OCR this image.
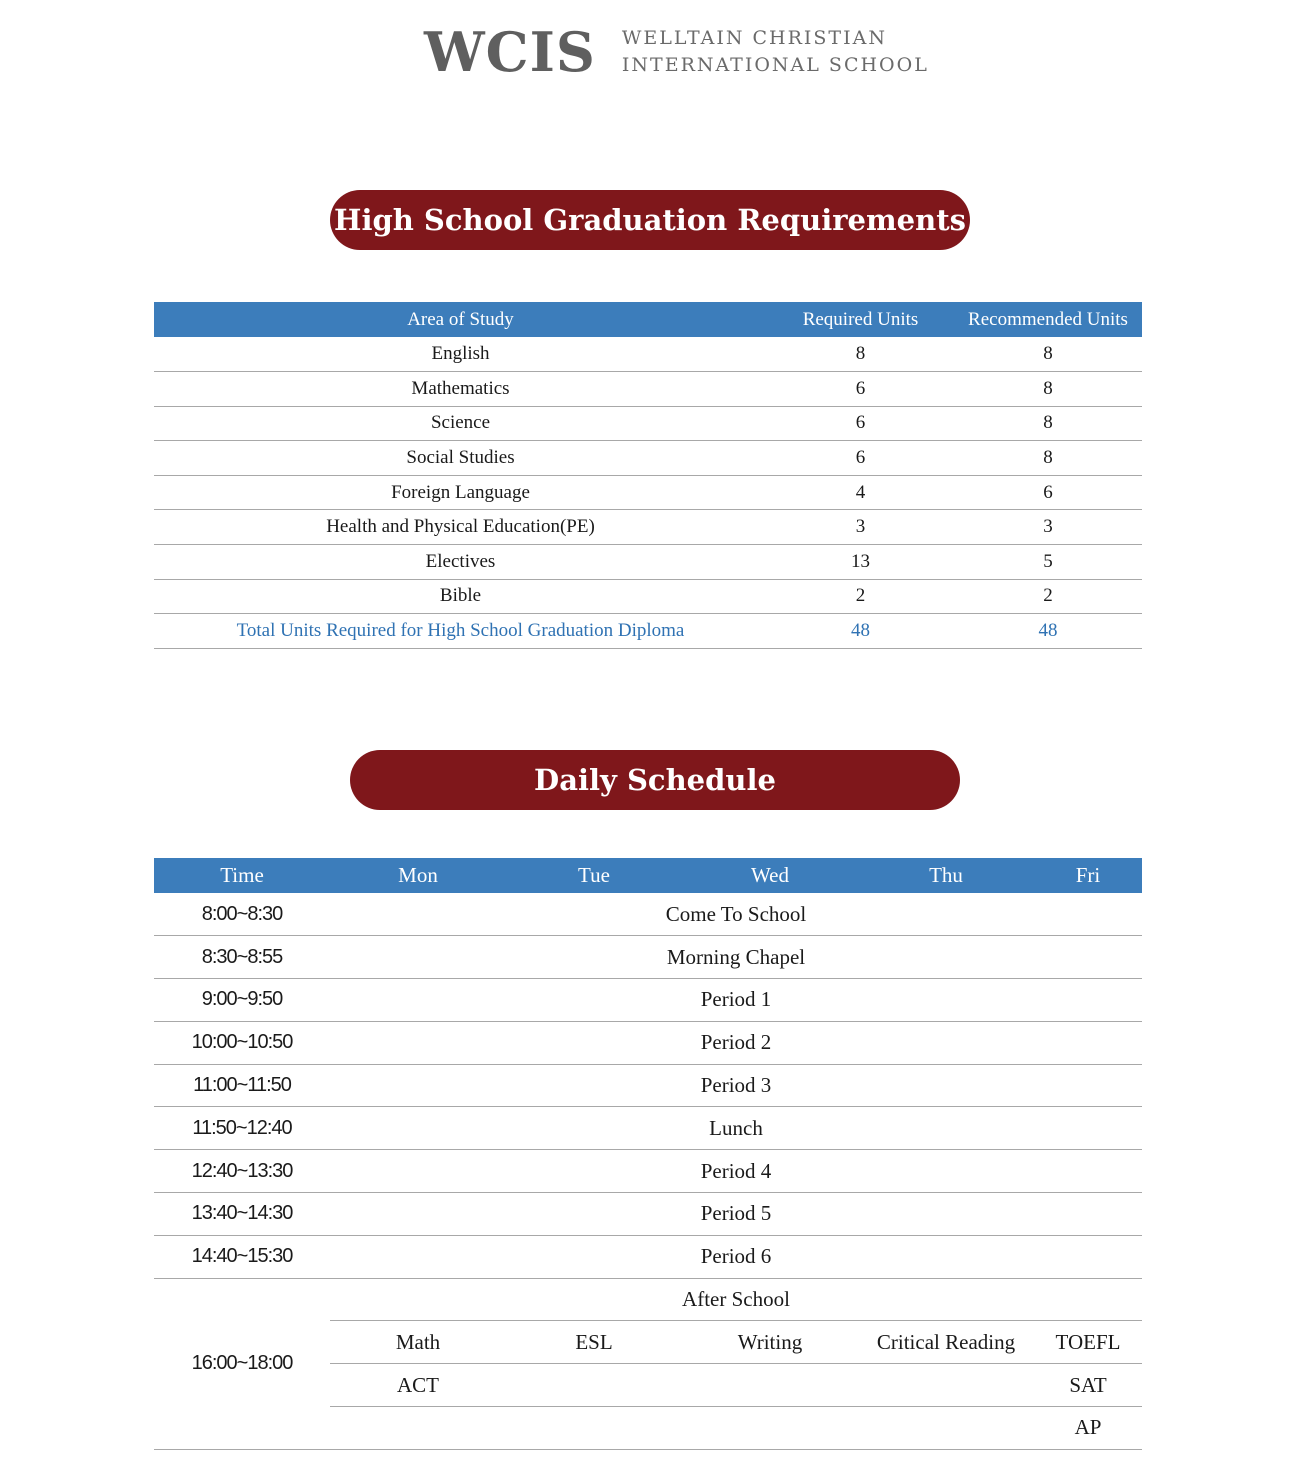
WCIS WELLTAIN CHRISTIAN
INTERNATIONAL SCHOOL
High School Graduation Requirements
Area of Study	Required Units	Recommended Units
English	8	8
Mathematics	6	8
Science	6	8
Social Studies	6	8
Foreign Language	4	6
Health and Physical Education(PE)	3	3
Electives	13	5
Bible	2	2
Total Units Required for High School Graduation Diploma	48	48
Daily Schedule
Time	Mon	Tue	Wed	Thu	Fri
8:00~8:30	Come To School				
8:30~8:55	Morning Chapel				
9:00~9:50	Period 1				
10:00~10:50	Period 2				
11:00~11:50	Period 3				
11:50~12:40	Lunch				
12:40~13:30	Period 4				
13:40~14:30	Period 5				
14:40~15:30	Period 6				
16:00~18:00	After School				
	Math	ESL	Writing	Critical Reading	TOEFL
	ACT				SAT
					AP
